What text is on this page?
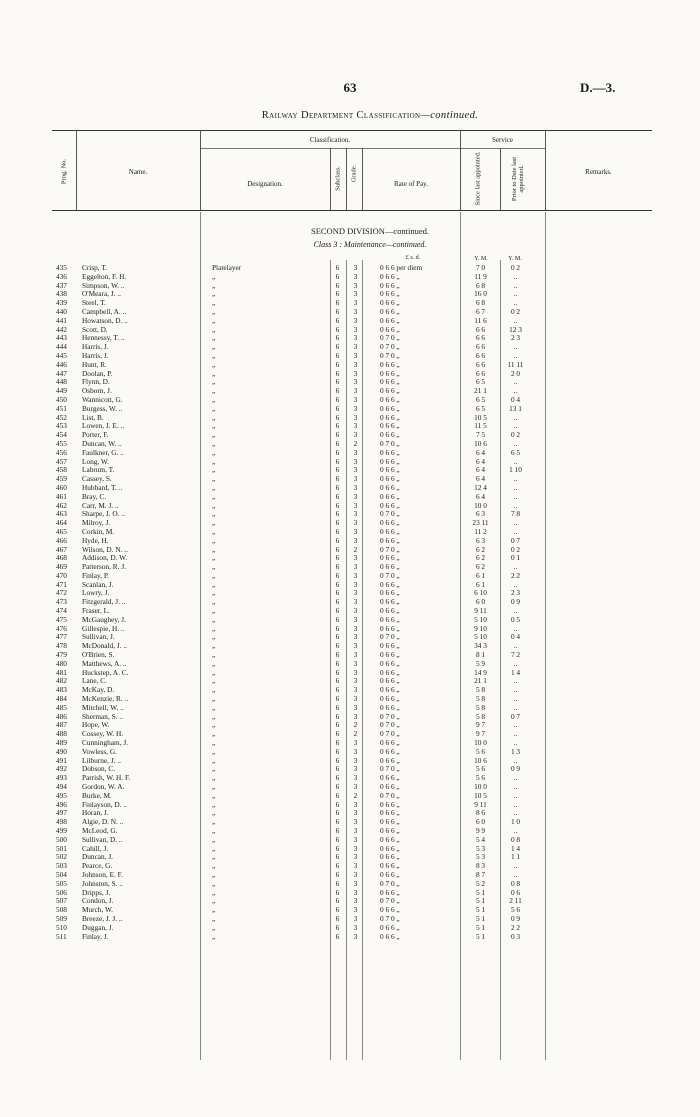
63	D.—3.
Railway Department Classification—continued.
Classification.	Service
Prog. No.	Name.
Designation.	Subclass. Grade.
Rate of Pay.	Since last appointed.	Prior to Date last appointed.	Remarks.
SECOND DIVISION—continued.
Class 3 : Maintenance—continued.
£ s. d.	Y. M.	Y. M.
435	Crisp, T.	Platelayer	6	3	0 6 6 per diem	7 0	0 2
436	Eggelton, F. H.	„	6	3	0 6 6 „	11 9	..
437	Simpson, W. ..	„	6	3	0 6 6 „	6 8	..
438	O'Meara, J. ..	„	6	3	0 6 6 „	16 0	..
439	Steel, T.	„	6	3	0 6 6 „	6 8	..
440	Campbell, A. ..	„	6	3	0 6 6 „	6 7	0 2
441	Howatson, D. ..	„	6	3	0 6 6 „	11 6	..
442	Scott, D.	„	6	3	0 6 6 „	6 6	12 3
443	Hennessy, T. ..	„	6	3	0 7 0 „	6 6	2 3
444	Harris, J.	„	6	3	0 7 0 „	6 6	..
445	Harris, J.	„	6	3	0 7 0 „	6 6	..
446	Hunt, R.	„	6	3	0 6 6 „	6 6	11 11
447	Doolan, P.	„	6	3	0 6 6 „	6 6	2 0
448	Flynn, D.	„	6	3	0 6 6 „	6 5	..
449	Osborn, J.	„	6	3	0 6 6 „	21 1	..
450	Wannicott, G.	„	6	3	0 6 6 „	6 5	0 4
451	Burgess, W. ..	„	6	3	0 6 6 „	6 5	13 1
452	List, B.	„	6	3	0 6 6 „	10 5	..
453	Lowen, J. E. ..	„	6	3	0 6 6 „	11 5	..
454	Porter, F.	„	6	3	0 6 6 „	7 5	0 2
455	Duncan, W. ..	„	6	2	0 7 0 „	10 6	..
456	Faulkner, G. ..	„	6	3	0 6 6 „	6 4	6 5
457	Long, W.	„	6	3	0 6 6 „	6 4	..
458	Labrum, T.	„	6	3	0 6 6 „	6 4	1 10
459	Cassey, S.	„	6	3	0 6 6 „	6 4	..
460	Hubbard, T. ..	„	6	3	0 6 6 „	12 4	..
461	Bray, C.	„	6	3	0 6 6 „	6 4	..
462	Carr, M. J. ..	„	6	3	0 6 6 „	10 0	..
463	Sharpe, J. O. ..	„	6	3	0 7 0 „	6 3	7 8
464	Milroy, J.	„	6	3	0 6 6 „	23 11	..
465	Corkin, M.	„	6	3	0 6 6 „	11 2	..
466	Hyde, H.	„	6	3	0 6 6 „	6 3	0 7
467	Wilson, D. N. ..	„	6	2	0 7 0 „	6 2	0 2
468	Addison, D. W.	„	6	3	0 6 6 „	6 2	0 1
469	Patterson, R. J.	„	6	3	0 6 6 „	6 2	..
470	Finlay, P.	„	6	3	0 7 0 „	6 1	2 2
471	Scanlan, J.	„	6	3	0 6 6 „	6 1	..
472	Lowry, J.	„	6	3	0 6 6 „	6 10	2 3
473	Fitzgerald, J. ..	„	6	3	0 6 6 „	6 0	0 9
474	Fraser, L.	„	6	3	0 6 6 „	9 11	..
475	McGaughey, J.	„	6	3	0 6 6 „	5 10	0 5
476	Gillespie, H. ..	„	6	3	0 6 6 „	9 10	..
477	Sullivan, J.	„	6	3	0 7 0 „	5 10	0 4
478	McDonald, J. ..	„	6	3	0 6 6 „	34 3	..
479	O'Brien, S.	„	6	3	0 6 6 „	8 1	7 2
480	Matthews, A. ..	„	6	3	0 6 6 „	5 9	..
481	Huckstep, A. C.	„	6	3	0 6 6 „	14 9	1 4
482	Lane, C.	„	6	3	0 6 6 „	21 1	..
483	McKay, D.	„	6	3	0 6 6 „	5 8	..
484	McKenzie, R. ..	„	6	3	0 6 6 „	5 8	..
485	Mitchell, W. ..	„	6	3	0 6 6 „	5 8	..
486	Sherman, S. ..	„	6	3	0 7 0 „	5 8	0 7
487	Hope, W.	„	6	2	0 7 0 „	9 7	..
488	Cossey, W. H.	„	6	2	0 7 0 „	9 7	..
489	Cunningham, J.	„	6	3	0 6 6 „	10 0	..
490	Vowless, G.	„	6	3	0 6 6 „	5 6	1 3
491	Lilburne, J. ..	„	6	3	0 6 6 „	10 6	..
492	Dobson, C.	„	6	3	0 7 0 „	5 6	0 9
493	Parrish, W. H. F.	„	6	3	0 6 6 „	5 6	..
494	Gordon, W. A.	„	6	3	0 6 6 „	10 0	..
495	Burke, M.	„	6	2	0 7 0 „	10 5	..
496	Finlayson, D. ..	„	6	3	0 6 6 „	9 11	..
497	Horan, J.	„	6	3	0 6 6 „	8 6	..
498	Algie, D. N. ..	„	6	3	0 6 6 „	6 0	1 0
499	McLeod, G.	„	6	3	0 6 6 „	9 9	..
500	Sullivan, D. ..	„	6	3	0 6 6 „	5 4	0 8
501	Cahill, J.	„	6	3	0 6 6 „	5 3	1 4
502	Duncan, J.	„	6	3	0 6 6 „	5 3	1 1
503	Pearce, G.	„	6	3	0 6 6 „	8 3	..
504	Johnson, E. F.	„	6	3	0 6 6 „	8 7	..
505	Johnston, S. ..	„	6	3	0 7 0 „	5 2	0 8
506	Dripps, J.	„	6	3	0 6 6 „	5 1	0 6
507	Condon, J.	„	6	3	0 7 0 „	5 1	2 11
508	Murch, W.	„	6	3	0 6 6 „	5 1	5 6
509	Breeze, J. J. ..	„	6	3	0 7 0 „	5 1	0 9
510	Duggan, J.	„	6	3	0 6 6 „	5 1	2 2
511	Finlay, J.	„	6	3	0 6 6 „	5 1	0 3
